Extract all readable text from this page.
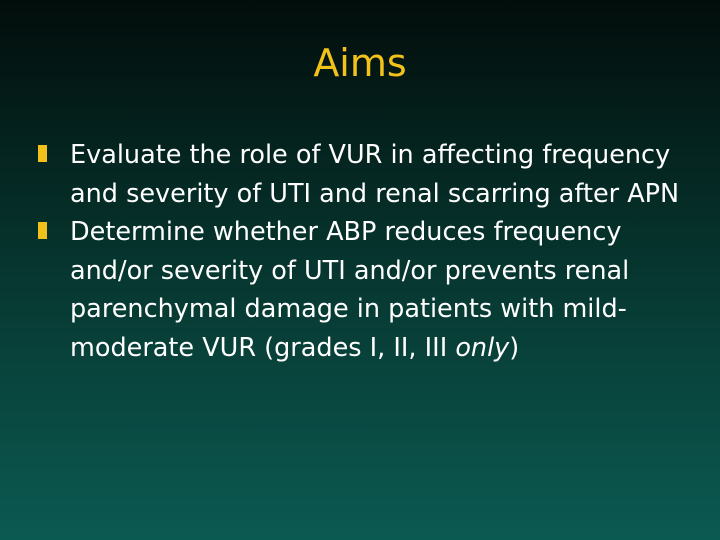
Aims
Evaluate the role of VUR in affecting frequency and severity of UTI and renal scarring after APN
Determine whether ABP reduces frequency and/or severity of UTI and/or prevents renal parenchymal damage in patients with mild-moderate VUR (grades I, II, III only)
